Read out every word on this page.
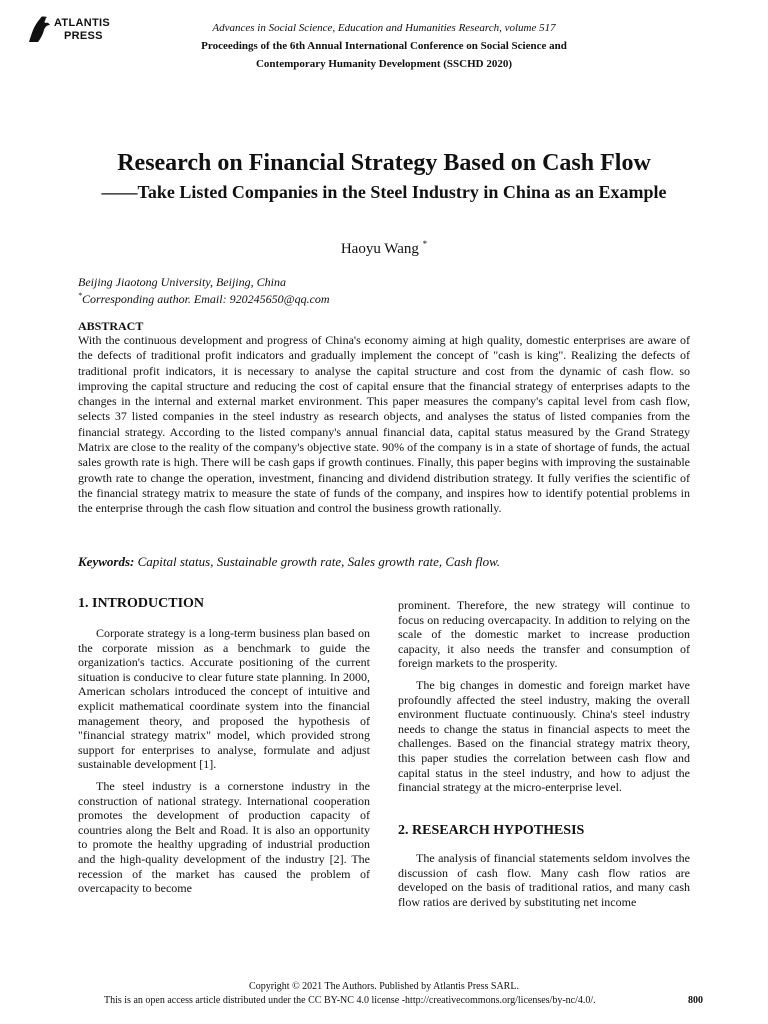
ATLANTIS
PRESS
Advances in Social Science, Education and Humanities Research, volume 517
Proceedings of the 6th Annual International Conference on Social Science and
Contemporary Humanity Development (SSCHD 2020)
Research on Financial Strategy Based on Cash Flow
——Take Listed Companies in the Steel Industry in China as an Example
Haoyu Wang *
Beijing Jiaotong University, Beijing, China
*Corresponding author. Email: 920245650@qq.com
ABSTRACT
With the continuous development and progress of China's economy aiming at high quality, domestic enterprises are aware of the defects of traditional profit indicators and gradually implement the concept of "cash is king". Realizing the defects of traditional profit indicators, it is necessary to analyse the capital structure and cost from the dynamic of cash flow. so improving the capital structure and reducing the cost of capital ensure that the financial strategy of enterprises adapts to the changes in the internal and external market environment. This paper measures the company's capital level from cash flow, selects 37 listed companies in the steel industry as research objects, and analyses the status of listed companies from the financial strategy. According to the listed company's annual financial data, capital status measured by the Grand Strategy Matrix are close to the reality of the company's objective state. 90% of the company is in a state of shortage of funds, the actual sales growth rate is high. There will be cash gaps if growth continues. Finally, this paper begins with improving the sustainable growth rate to change the operation, investment, financing and dividend distribution strategy. It fully verifies the scientific of the financial strategy matrix to measure the state of funds of the company, and inspires how to identify potential problems in the enterprise through the cash flow situation and control the business growth rationally.
Keywords: Capital status, Sustainable growth rate, Sales growth rate, Cash flow.
1. INTRODUCTION

Corporate strategy is a long-term business plan based on the corporate mission as a benchmark to guide the organization's tactics. Accurate positioning of the current situation is conducive to clear future state planning. In 2000, American scholars introduced the concept of intuitive and explicit mathematical coordinate system into the financial management theory, and proposed the hypothesis of "financial strategy matrix" model, which provided strong support for enterprises to analyse, formulate and adjust sustainable development [1].

The steel industry is a cornerstone industry in the construction of national strategy. International cooperation promotes the development of production capacity of countries along the Belt and Road. It is also an opportunity to promote the healthy upgrading of industrial production and the high-quality development of the industry [2]. The recession of the market has caused the problem of overcapacity to become

prominent. Therefore, the new strategy will continue to focus on reducing overcapacity. In addition to relying on the scale of the domestic market to increase production capacity, it also needs the transfer and consumption of foreign markets to the prosperity.

The big changes in domestic and foreign market have profoundly affected the steel industry, making the overall environment fluctuate continuously. China's steel industry needs to change the status in financial aspects to meet the challenges. Based on the financial strategy matrix theory, this paper studies the correlation between cash flow and capital status in the steel industry, and how to adjust the financial strategy at the micro-enterprise level.

2. RESEARCH HYPOTHESIS

The analysis of financial statements seldom involves the discussion of cash flow. Many cash flow ratios are developed on the basis of traditional ratios, and many cash flow ratios are derived by substituting net income

Copyright © 2021 The Authors. Published by Atlantis Press SARL.
This is an open access article distributed under the CC BY-NC 4.0 license -http://creativecommons.org/licenses/by-nc/4.0/.	800
